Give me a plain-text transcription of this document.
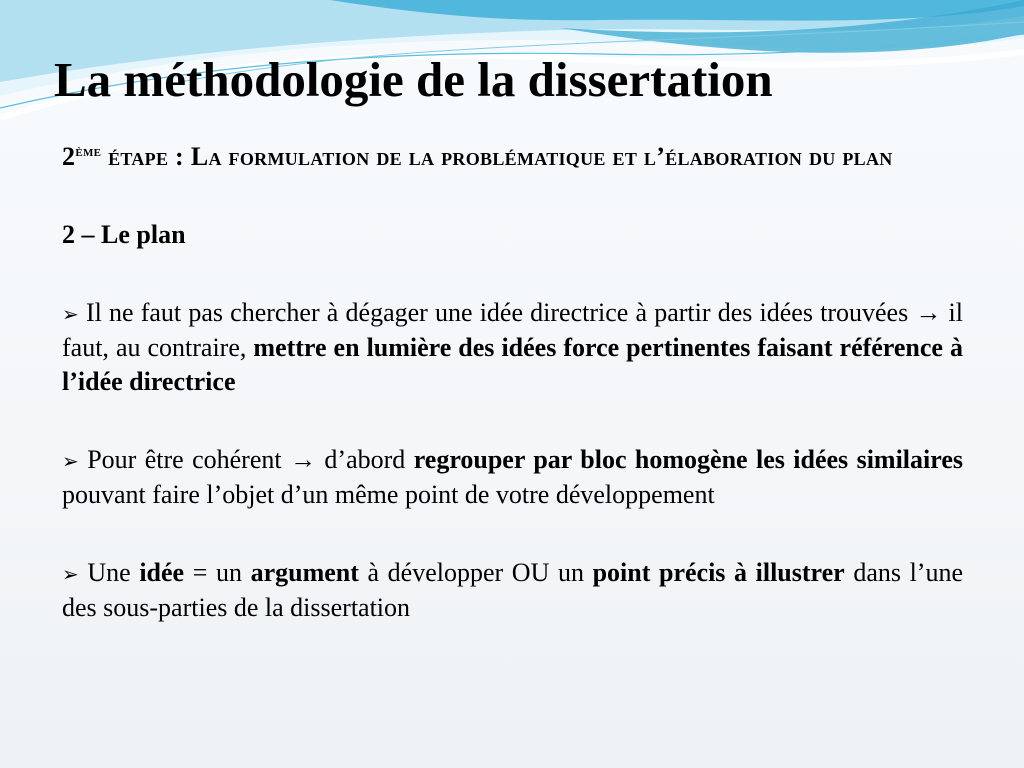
La méthodologie de la dissertation

2ème étape : La formulation de la problématique et l’élaboration du plan

2 – Le plan

➢ Il ne faut pas chercher à dégager une idée directrice à partir des idées trouvées → il faut, au contraire, mettre en lumière des idées force pertinentes faisant référence à l’idée directrice

➢ Pour être cohérent → d’abord regrouper par bloc homogène les idées similaires pouvant faire l’objet d’un même point de votre développement

➢ Une idée = un argument à développer OU un point précis à illustrer dans l’une des sous-parties de la dissertation
